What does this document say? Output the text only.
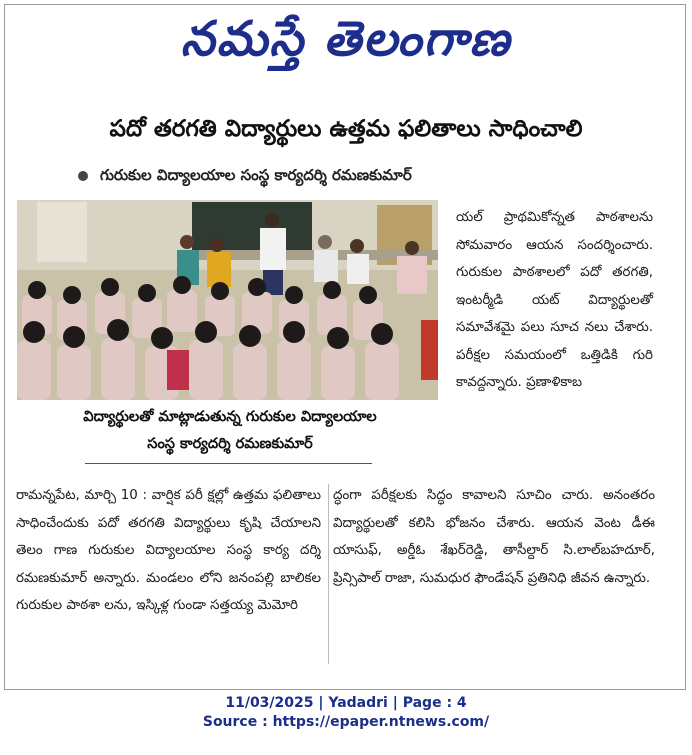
నమస్తే తెలంగాణ
పదో తరగతి విద్యార్థులు ఉత్తమ ఫలితాలు సాధించాలి
గురుకుల విద్యాలయాల సంస్థ కార్యదర్శి రమణకుమార్
విద్యార్థులతో మాట్లాడుతున్న గురుకుల విద్యాలయాల
సంస్థ కార్యదర్శి రమణకుమార్
యల్ ప్రాథమికోన్నత పాఠశాలను సోమవారం ఆయన సందర్శించారు. గురుకుల పాఠశాలలో పదో తరగతి, ఇంటర్మీడి యట్ విద్యార్థులతో సమావేశమై పలు సూచ నలు చేశారు. పరీక్షల సమయంలో ఒత్తిడికి గురి కావద్దన్నారు. ప్రణాళికాబ
రామన్నపేట, మార్చి 10 : వార్షిక పరీ క్షల్లో ఉత్తమ ఫలితాలు సాధించేందుకు పదో తరగతి విద్యార్థులు కృషి చేయాలని తెలం గాణ గురుకుల విద్యాలయాల సంస్థ కార్య దర్శి రమణకుమార్ అన్నారు. మండలం లోని జనంపల్లి బాలికల గురుకుల పాఠశా లను, ఇస్కిళ్ల గుండా సత్తయ్య మెమోరి
ద్ధంగా పరీక్షలకు సిద్ధం కావాలని సూచిం చారు. అనంతరం విద్యార్థులతో కలిసి భోజనం చేశారు. ఆయన వెంట డీఈ యాసుఫ్, అర్డీఓ శేఖర్‌రెడ్డి, తాసీల్దార్ సి.లాల్‌బహదూర్, ప్రిన్సిపాల్ రాజా, సుమధుర ఫౌండేషన్ ప్రతినిధి జీవన ఉన్నారు.
11/03/2025 | Yadadri | Page : 4
Source : https://epaper.ntnews.com/
